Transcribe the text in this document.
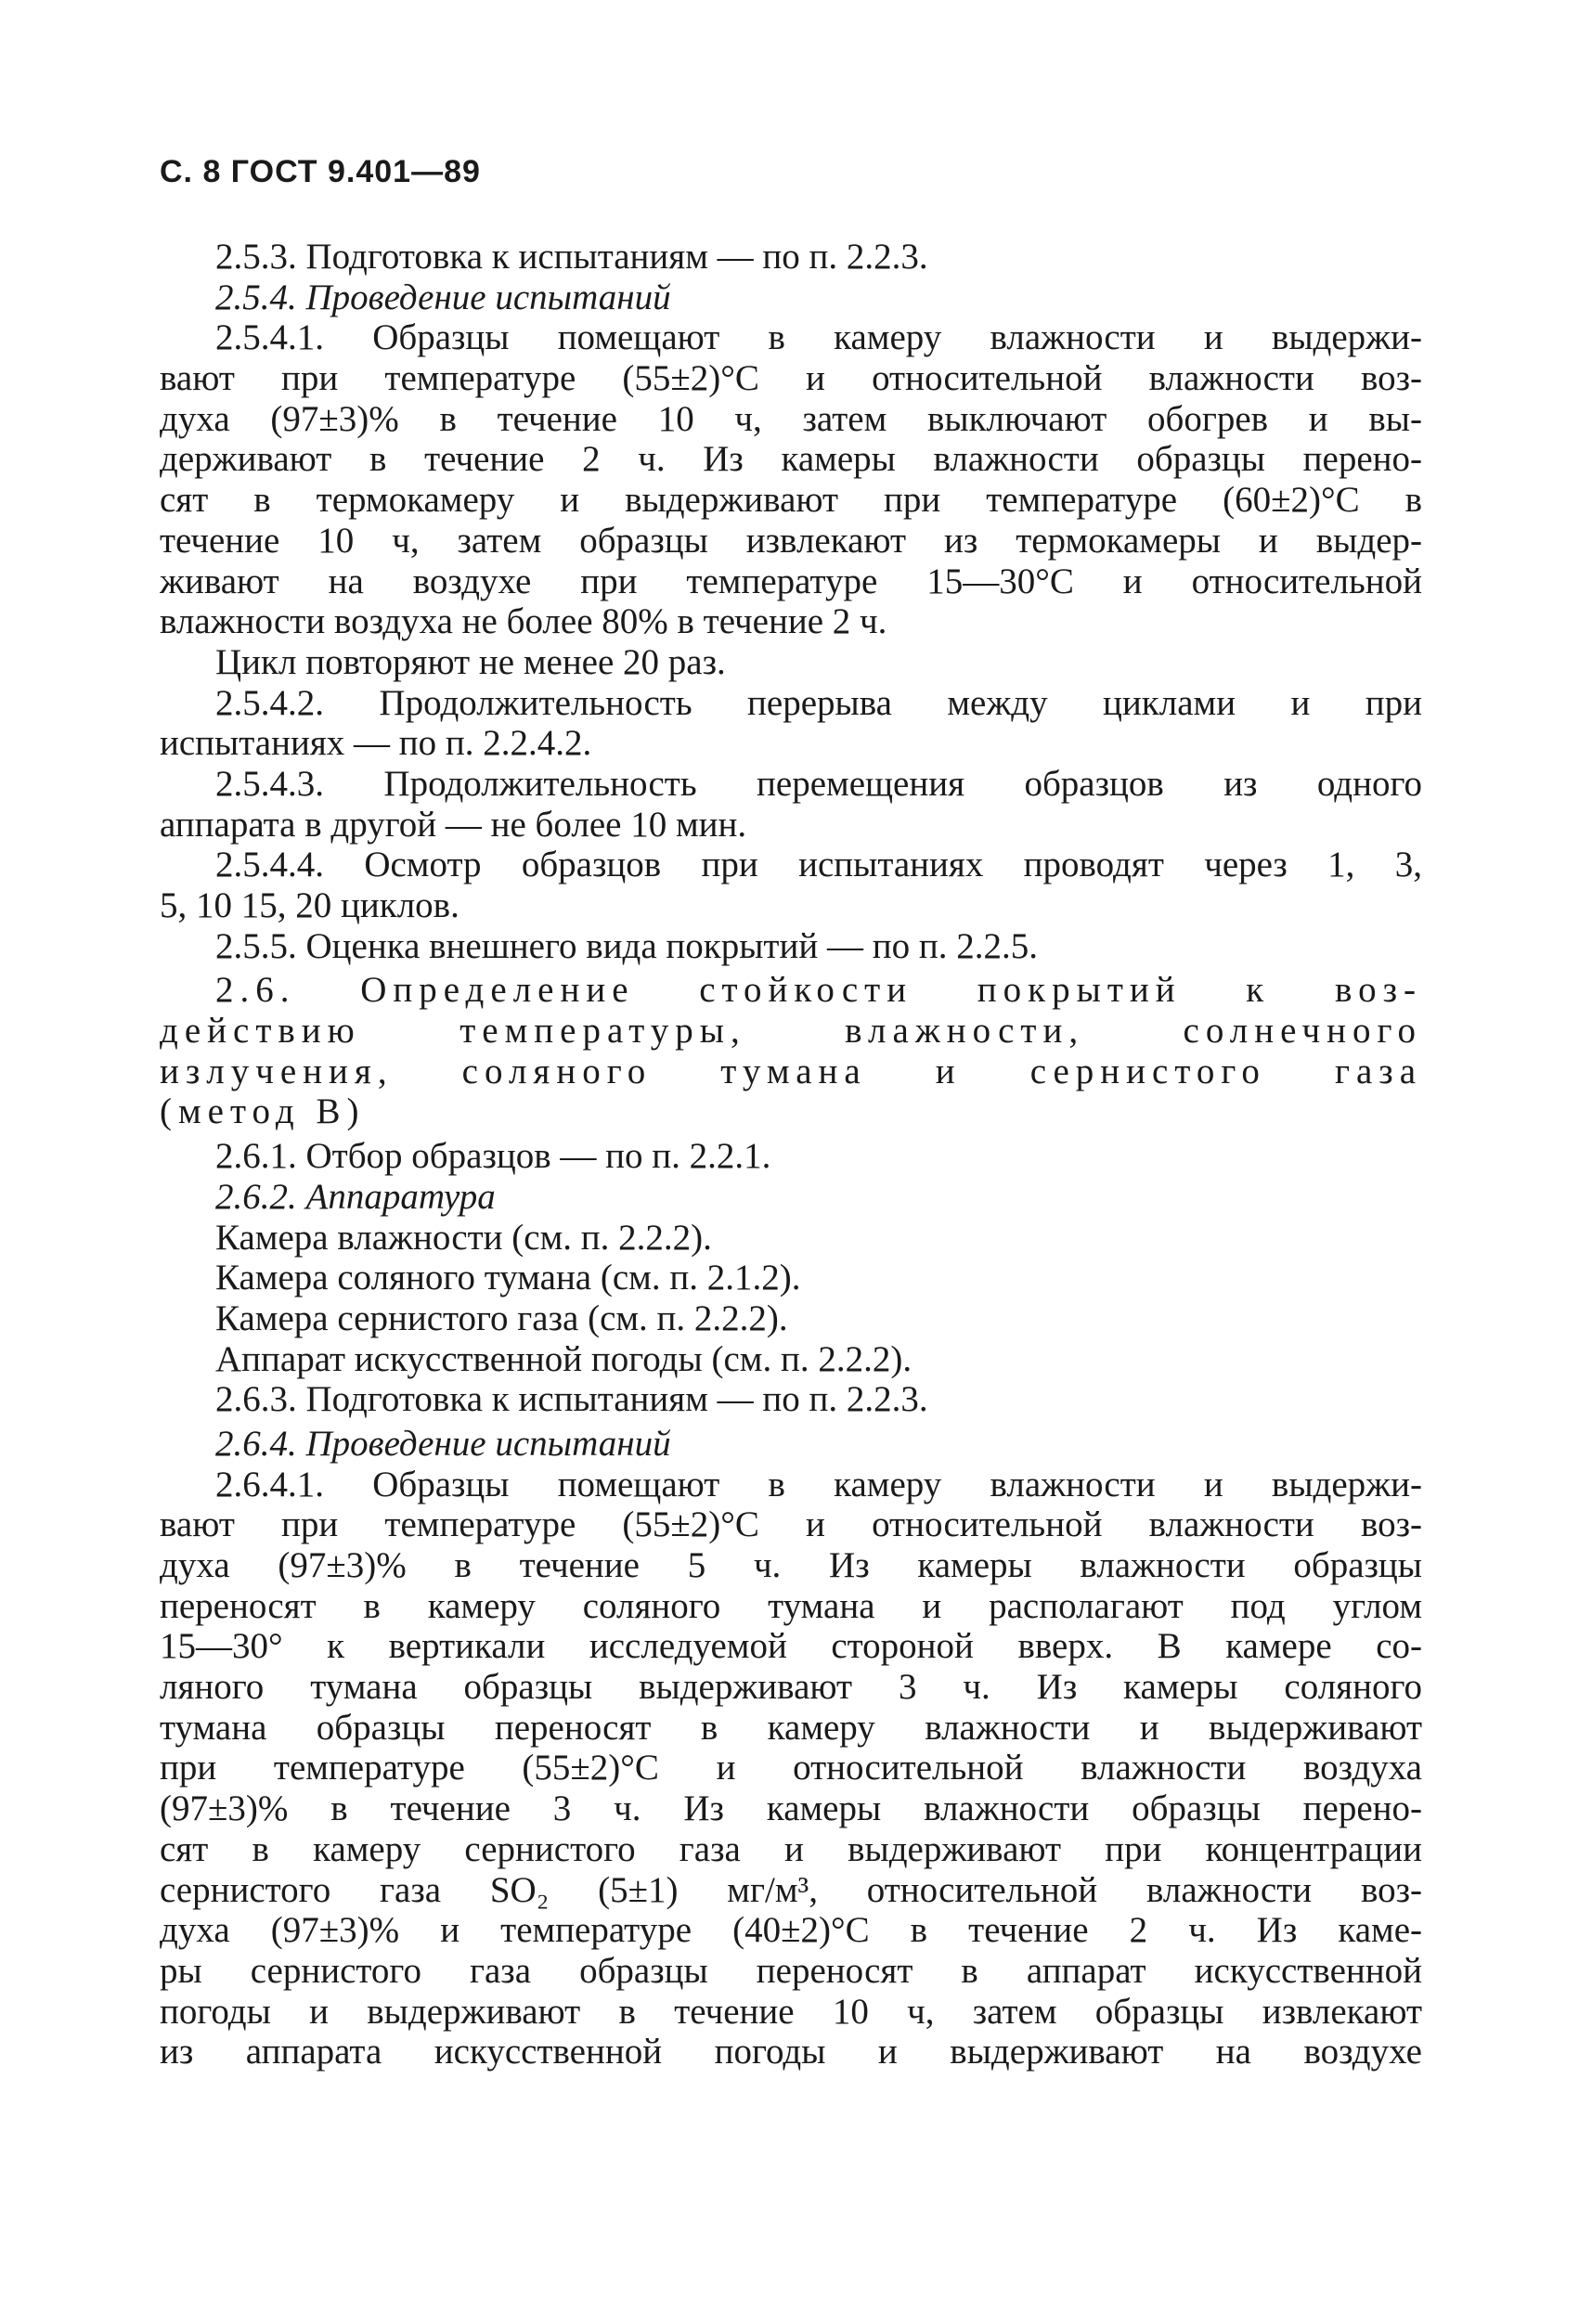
С. 8 ГОСТ 9.401—89
2.5.3. Подготовка к испытаниям — по п. 2.2.3.
2.5.4. Проведение испытаний
2.5.4.1. Образцы помещают в камеру влажности и выдержи-
вают при температуре (55±2)°С и относительной влажности воз-
духа (97±3)% в течение 10 ч, затем выключают обогрев и вы-
держивают в течение 2 ч. Из камеры влажности образцы перено-
сят в термокамеру и выдерживают при температуре (60±2)°С в
течение 10 ч, затем образцы извлекают из термокамеры и выдер-
живают на воздухе при температуре 15—30°С и относительной
влажности воздуха не более 80% в течение 2 ч.
Цикл повторяют не менее 20 раз.
2.5.4.2. Продолжительность перерыва между циклами и при
испытаниях — по п. 2.2.4.2.
2.5.4.3. Продолжительность перемещения образцов из одного
аппарата в другой — не более 10 мин.
2.5.4.4. Осмотр образцов при испытаниях проводят через 1, 3,
5, 10 15, 20 циклов.
2.5.5. Оценка внешнего вида покрытий — по п. 2.2.5.
2.6. Определение стойкости покрытий к воз-
действию температуры, влажности, солнечного
излучения, соляного тумана и сернистого газа
(метод В)
2.6.1. Отбор образцов — по п. 2.2.1.
2.6.2. Аппаратура
Камера влажности (см. п. 2.2.2).
Камера соляного тумана (см. п. 2.1.2).
Камера сернистого газа (см. п. 2.2.2).
Аппарат искусственной погоды (см. п. 2.2.2).
2.6.3. Подготовка к испытаниям — по п. 2.2.3.
2.6.4. Проведение испытаний
2.6.4.1. Образцы помещают в камеру влажности и выдержи-
вают при температуре (55±2)°С и относительной влажности воз-
духа (97±3)% в течение 5 ч. Из камеры влажности образцы
переносят в камеру соляного тумана и располагают под углом
15—30° к вертикали исследуемой стороной вверх. В камере со-
ляного тумана образцы выдерживают 3 ч. Из камеры соляного
тумана образцы переносят в камеру влажности и выдерживают
при температуре (55±2)°С и относительной влажности воздуха
(97±3)% в течение 3 ч. Из камеры влажности образцы перено-
сят в камеру сернистого газа и выдерживают при концентрации
сернистого газа SO₂ (5±1) мг/м³, относительной влажности воз-
духа (97±3)% и температуре (40±2)°С в течение 2 ч. Из каме-
ры сернистого газа образцы переносят в аппарат искусственной
погоды и выдерживают в течение 10 ч, затем образцы извлекают
из аппарата искусственной погоды и выдерживают на воздухе
